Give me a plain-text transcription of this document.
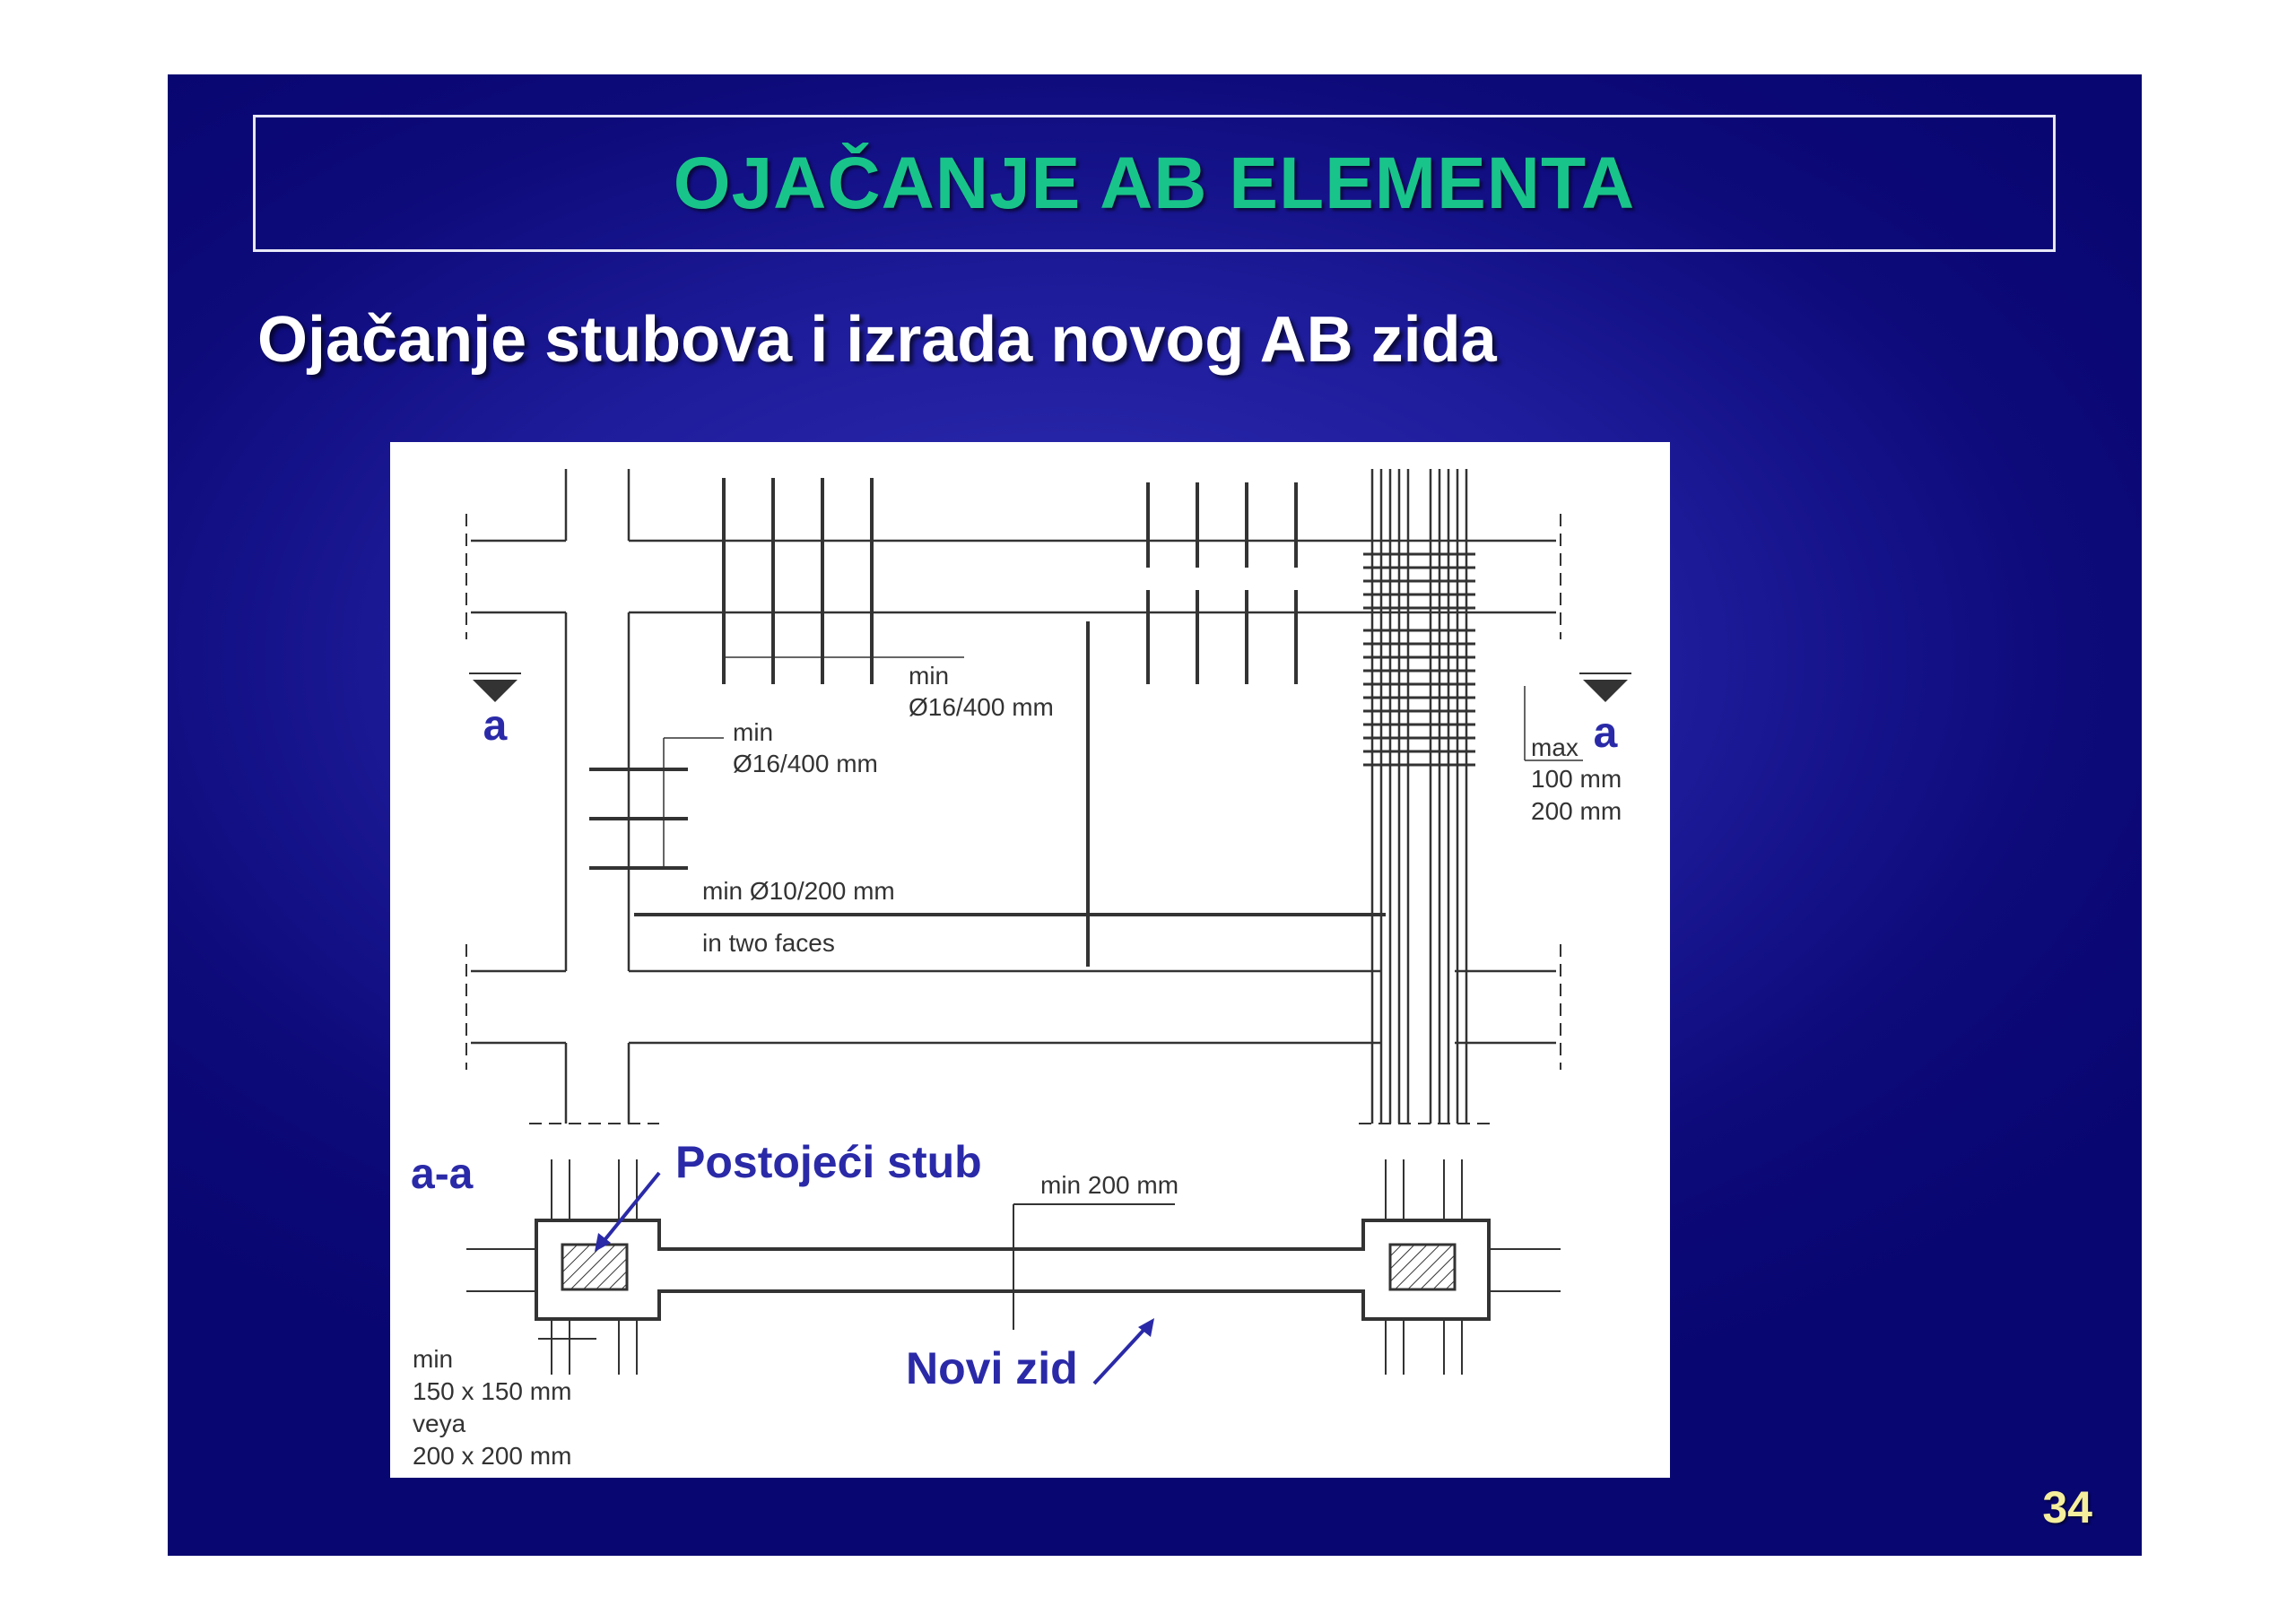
OJAČANJE AB ELEMENTA
Ojačanje stubova i izrada novog AB zida
a	a
min
Ø16/400 mm
min
Ø16/400 mm
min Ø10/200 mm
in two faces
max
100 mm
200 mm
a-a	Postojeći stub min 200 mm
Novi zid
min
150 x 150 mm
veya
200 x 200 mm
34
